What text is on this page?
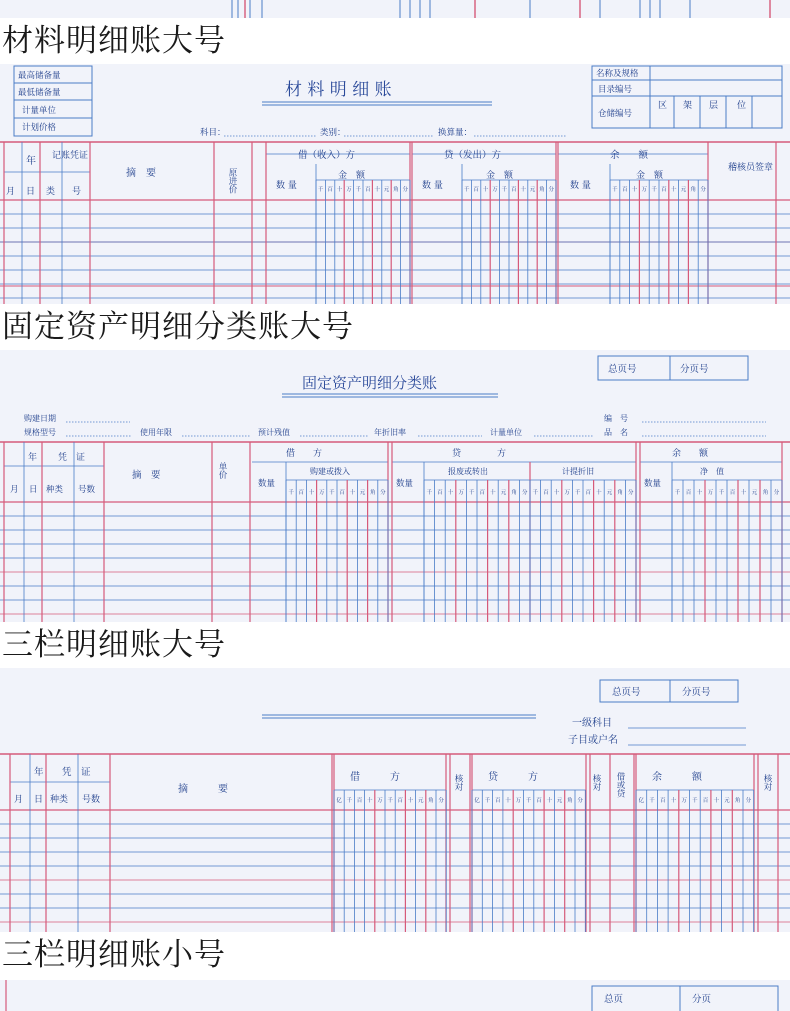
材料明细账大号
最高储备量
最低储备量
计量单位
计划价格
名称及规格
目录编号
仓储编号
区 架 层 位
材 料 明 细 账
科目：	类别：	换算量：
年 记账凭证
月 日 类 号
摘　要	原进价
借（收入）方	贷（发出）方	余　　额
稽核员签章
数 量	数 量	数 量
金　额	金　额	金　额
千 百 十 万 千 百 十 元 角 分	千 百 十 万 千 百 十 元 角 分	千 百 十 万 千 百 十 元 角 分
固定资产明细分类账大号
总页号	分页号
固定资产明细分类账
购建日期	编　号
规格型号	使用年限	预计残值	年折旧率	计量单位	品　名
年 凭　证
月 日 种类 号数
摘　要	单价
借　　方	贷　　　　方	余　　额
购建或拨入	报废或转出	计提折旧	净　值
数量	数量	数量
千 百 十 万 千 百 十 元 角 分	千 百 十 万 千 百 十 元 角 分 千 百 十 万 千 百 十 元 角 分	千 百 十 万 千 百 十 元 角 分
三栏明细账大号
总页号	分页号
一级科目
子目或户名
年 凭　证
月 日 种类 号数
摘　　　要
借　　　方	核对	贷　　　方	核对 借或贷	余　　　额	核对
亿 千 百 十 万 千 百 十 元 角 分	亿 千 百 十 万 千 百 十 元 角 分	亿 千 百 十 万 千 百 十 元 角 分
三栏明细账小号
总页	分页
